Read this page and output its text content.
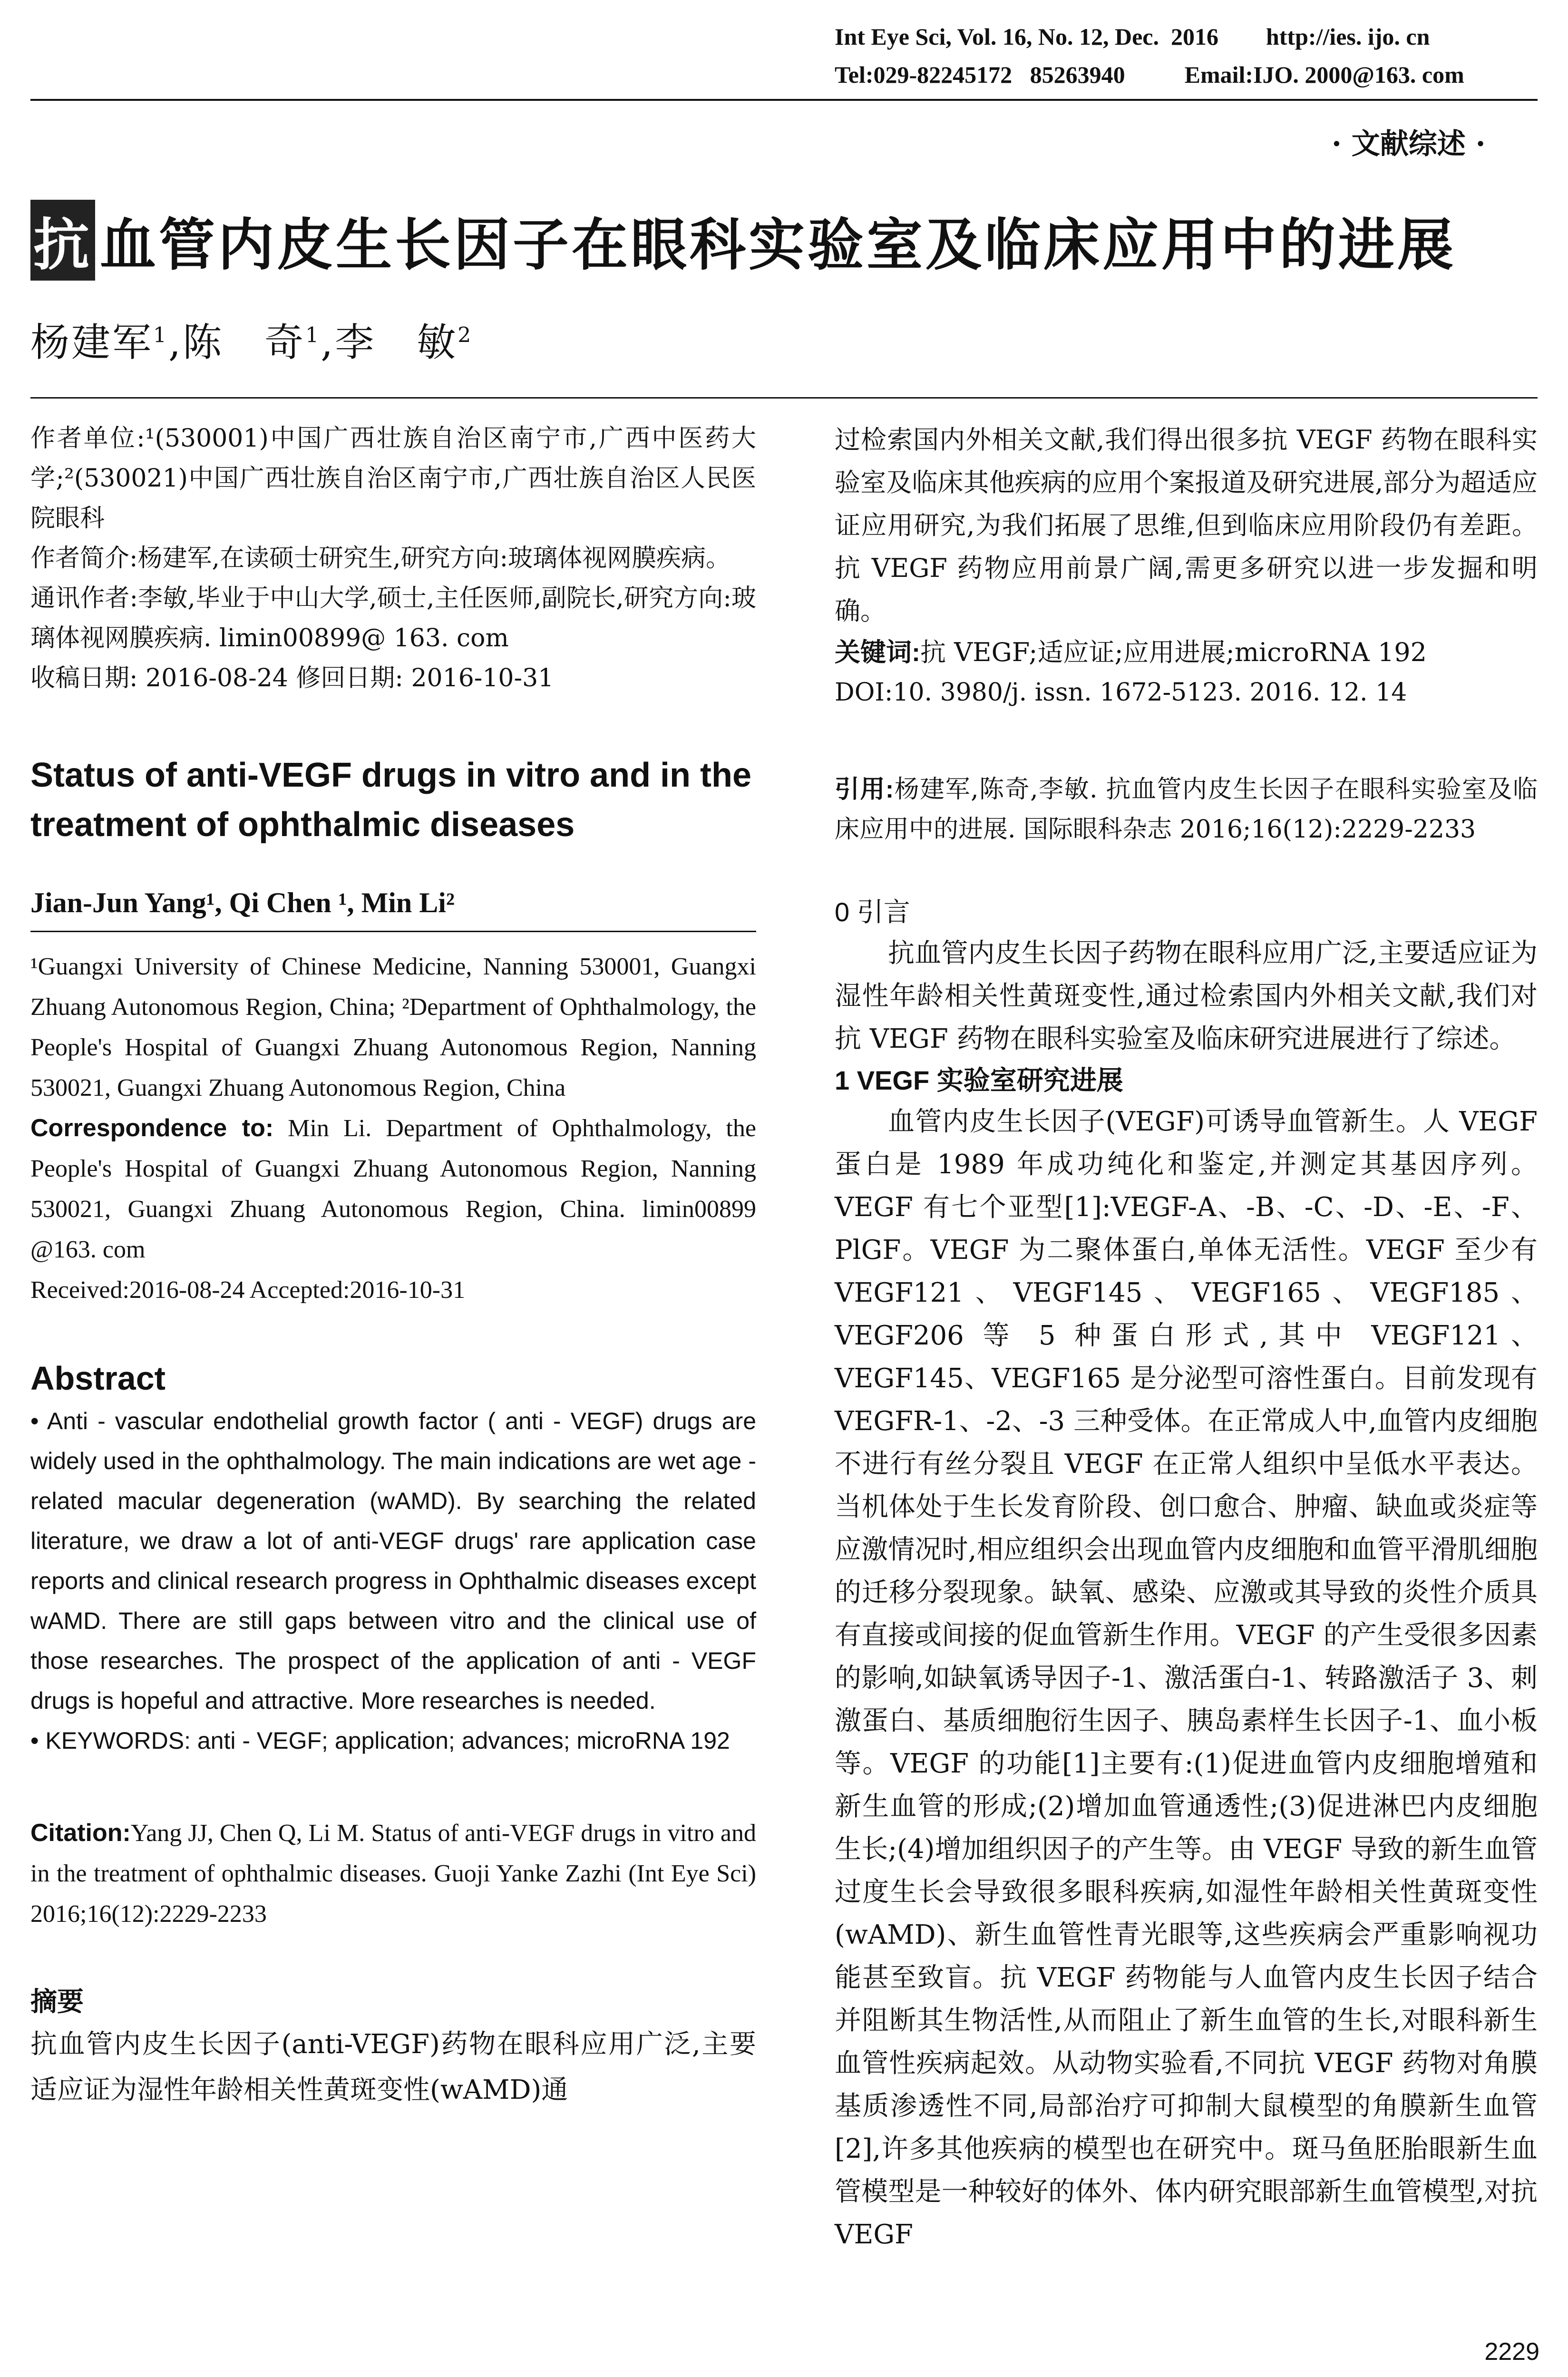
Int Eye Sci, Vol. 16, No. 12, Dec.  2016        http://ies. ijo. cn
Tel:029-82245172   85263940          Email:IJO. 2000@163. com
· 文献综述 ·
抗 血管内皮生长因子在眼科实验室及临床应用中的进展
杨建军$^1$,陈　奇$^1$,李　敏$^2$

作者单位:¹(530001)中国广西壮族自治区南宁市,广西中医药大学;²(530021)中国广西壮族自治区南宁市,广西壮族自治区人民医院眼科

作者简介:杨建军,在读硕士研究生,研究方向:玻璃体视网膜疾病。

通讯作者:李敏,毕业于中山大学,硕士,主任医师,副院长,研究方向:玻璃体视网膜疾病. limin00899@ 163. com

收稿日期: 2016-08-24 修回日期: 2016-10-31

Status of anti-VEGF drugs in vitro and in the treatment of ophthalmic diseases

Jian-Jun Yang¹, Qi Chen ¹, Min Li²

¹Guangxi University of Chinese Medicine, Nanning 530001, Guangxi Zhuang Autonomous Region, China; ²Department of Ophthalmology, the People's Hospital of Guangxi Zhuang Autonomous Region, Nanning 530021, Guangxi Zhuang Autonomous Region, China

Correspondence to: Min Li. Department of Ophthalmology, the People's Hospital of Guangxi Zhuang Autonomous Region, Nanning 530021, Guangxi Zhuang Autonomous Region, China. limin00899 @163. com

Received:2016-08-24 Accepted:2016-10-31

Abstract

• Anti - vascular endothelial growth factor ( anti - VEGF) drugs are widely used in the ophthalmology. The main indications are wet age - related macular degeneration (wAMD). By searching the related literature, we draw a lot of anti-VEGF drugs' rare application case reports and clinical research progress in Ophthalmic diseases except wAMD. There are still gaps between vitro and the clinical use of those researches. The prospect of the application of anti - VEGF drugs is hopeful and attractive. More researches is needed.

• KEYWORDS: anti - VEGF; application; advances; microRNA 192

Citation:Yang JJ, Chen Q, Li M. Status of anti-VEGF drugs in vitro and in the treatment of ophthalmic diseases. Guoji Yanke Zazhi (Int Eye Sci) 2016;16(12):2229-2233

摘要

抗血管内皮生长因子(anti-VEGF)药物在眼科应用广泛,主要适应证为湿性年龄相关性黄斑变性(wAMD)通

过检索国内外相关文献,我们得出很多抗 VEGF 药物在眼科实验室及临床其他疾病的应用个案报道及研究进展,部分为超适应证应用研究,为我们拓展了思维,但到临床应用阶段仍有差距。抗 VEGF 药物应用前景广阔,需更多研究以进一步发掘和明确。

关键词:抗 VEGF;适应证;应用进展;microRNA 192

DOI:10. 3980/j. issn. 1672-5123. 2016. 12. 14

引用:杨建军,陈奇,李敏. 抗血管内皮生长因子在眼科实验室及临床应用中的进展. 国际眼科杂志 2016;16(12):2229-2233

0 引言

抗血管内皮生长因子药物在眼科应用广泛,主要适应证为湿性年龄相关性黄斑变性,通过检索国内外相关文献,我们对抗 VEGF 药物在眼科实验室及临床研究进展进行了综述。

1 VEGF 实验室研究进展

血管内皮生长因子(VEGF)可诱导血管新生。人 VEGF 蛋白是 1989 年成功纯化和鉴定,并测定其基因序列。VEGF 有七个亚型[1]:VEGF-A、-B、-C、-D、-E、-F、PlGF。VEGF 为二聚体蛋白,单体无活性。VEGF 至少有 VEGF121、VEGF145、VEGF165、VEGF185、VEGF206 等 5 种蛋白形式,其中 VEGF121、VEGF145、VEGF165 是分泌型可溶性蛋白。目前发现有 VEGFR-1、-2、-3 三种受体。在正常成人中,血管内皮细胞不进行有丝分裂且 VEGF 在正常人组织中呈低水平表达。当机体处于生长发育阶段、创口愈合、肿瘤、缺血或炎症等应激情况时,相应组织会出现血管内皮细胞和血管平滑肌细胞的迁移分裂现象。缺氧、感染、应激或其导致的炎性介质具有直接或间接的促血管新生作用。VEGF 的产生受很多因素的影响,如缺氧诱导因子-1、激活蛋白-1、转路激活子 3、刺激蛋白、基质细胞衍生因子、胰岛素样生长因子-1、血小板等。VEGF 的功能[1]主要有:(1)促进血管内皮细胞增殖和新生血管的形成;(2)增加血管通透性;(3)促进淋巴内皮细胞生长;(4)增加组织因子的产生等。由 VEGF 导致的新生血管过度生长会导致很多眼科疾病,如湿性年龄相关性黄斑变性(wAMD)、新生血管性青光眼等,这些疾病会严重影响视功能甚至致盲。抗 VEGF 药物能与人血管内皮生长因子结合并阻断其生物活性,从而阻止了新生血管的生长,对眼科新生血管性疾病起效。从动物实验看,不同抗 VEGF 药物对角膜基质渗透性不同,局部治疗可抑制大鼠模型的角膜新生血管[2],许多其他疾病的模型也在研究中。斑马鱼胚胎眼新生血管模型是一种较好的体外、体内研究眼部新生血管模型,对抗 VEGF

2229
